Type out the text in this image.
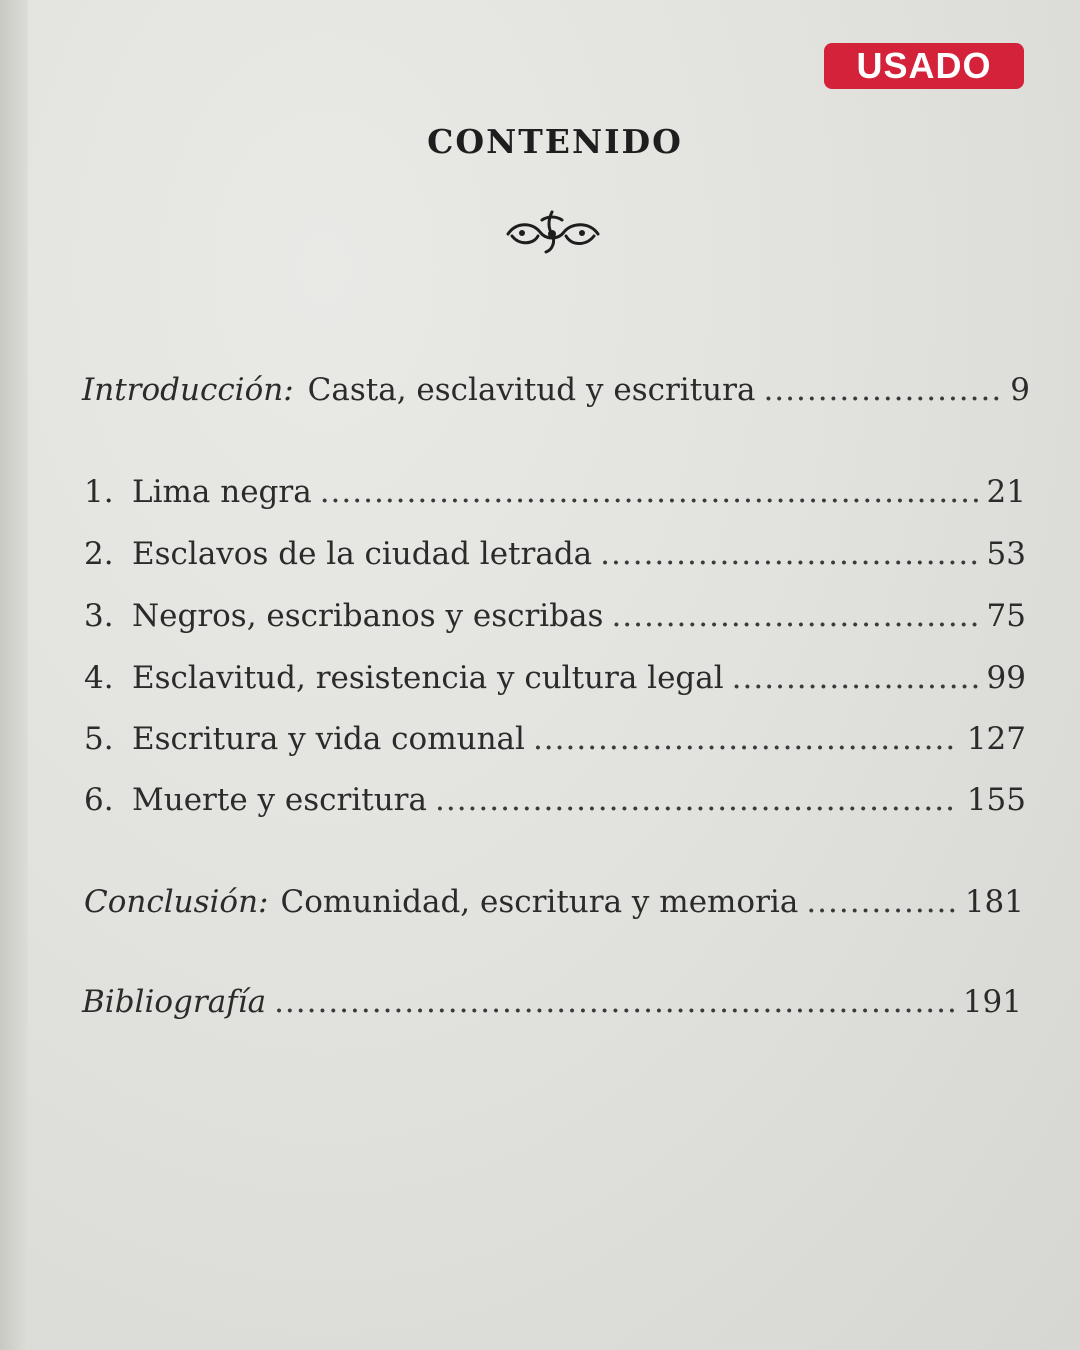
USADO
CONTENIDO
Introducción: Casta, esclavitud y escritura .....	9
1. Lima negra .....	21
2. Esclavos de la ciudad letrada .....	53
3. Negros, escribanos y escribas .....	75
4. Esclavitud, resistencia y cultura legal .....	99
5. Escritura y vida comunal .....	127
6. Muerte y escritura .....	155
Conclusión: Comunidad, escritura y memoria .....	181
Bibliografía .....	191
